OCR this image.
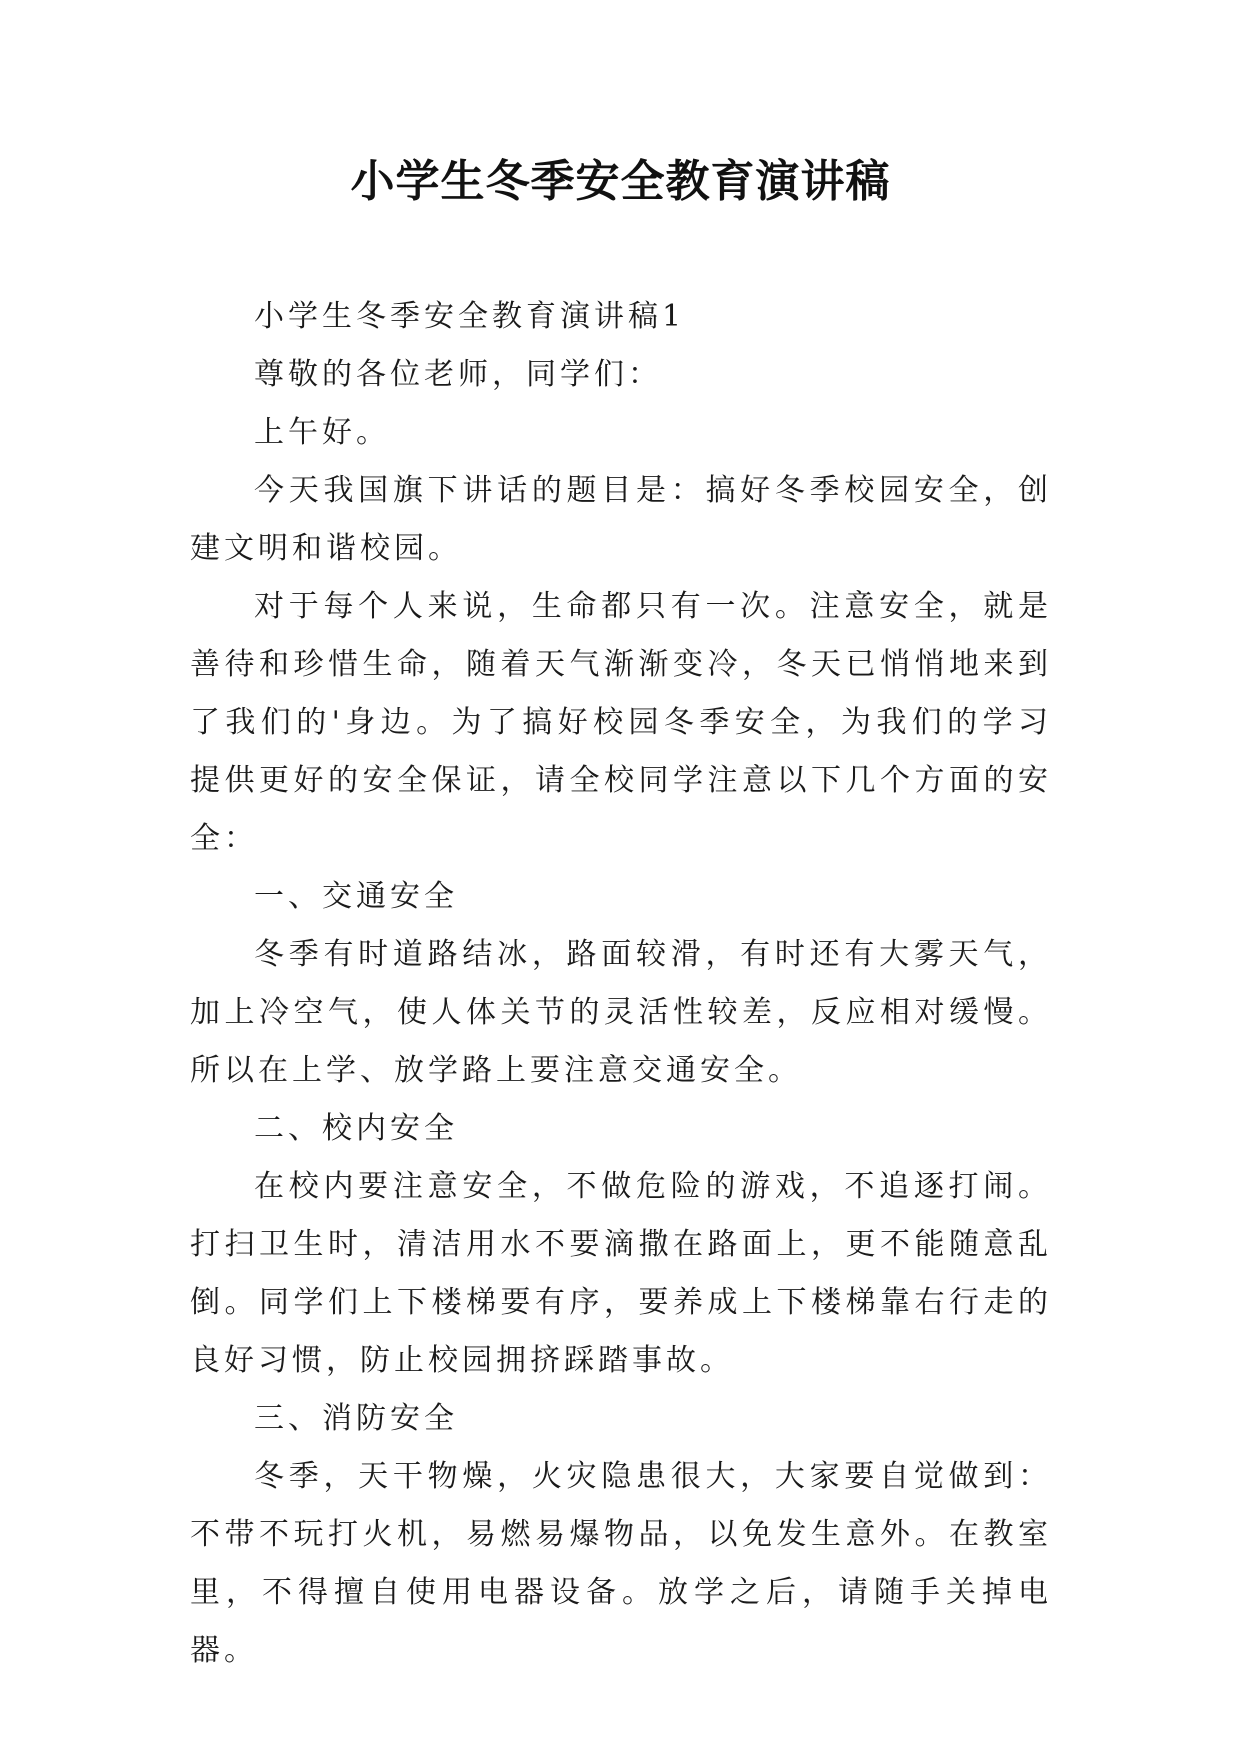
小学生冬季安全教育演讲稿

小学生冬季安全教育演讲稿1

尊敬的各位老师，同学们：

上午好。

今天我国旗下讲话的题目是：搞好冬季校园安全，创建文明和谐校园。

对于每个人来说，生命都只有一次。注意安全，就是善待和珍惜生命，随着天气渐渐变冷，冬天已悄悄地来到了我们的'身边。为了搞好校园冬季安全，为我们的学习提供更好的安全保证，请全校同学注意以下几个方面的安全：

一、交通安全

冬季有时道路结冰，路面较滑，有时还有大雾天气，加上冷空气，使人体关节的灵活性较差，反应相对缓慢。所以在上学、放学路上要注意交通安全。

二、校内安全

在校内要注意安全，不做危险的游戏，不追逐打闹。打扫卫生时，清洁用水不要滴撒在路面上，更不能随意乱倒。同学们上下楼梯要有序，要养成上下楼梯靠右行走的良好习惯，防止校园拥挤踩踏事故。

三、消防安全

冬季，天干物燥，火灾隐患很大，大家要自觉做到：不带不玩打火机，易燃易爆物品，以免发生意外。在教室里，不得擅自使用电器设备。放学之后，请随手关掉电器。
